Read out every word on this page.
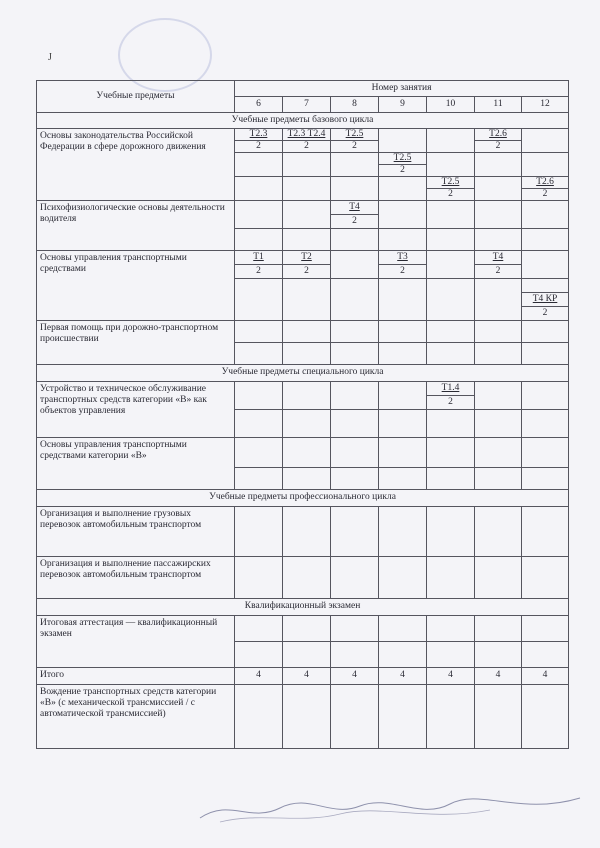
J
Учебные предметы	Номер занятия						
	6	7	8	9	10	11	12
Учебные предметы базового цикла							
Основы законодательства Российской Федерации в сфере дорожного движения	Т2.3	Т2.3 Т2.4	Т2.5			Т2.6	
	2	2	2			2	
				Т2.5			
				2			
					Т2.5		Т2.6
					2		2
Психофизиологические основы деятельности водителя			Т4				
			2				

Основы управления транспортными средствами	Т1	Т2		Т3		Т4	
	2	2		2		2	

							Т4 КР
							2
Первая помощь при дорожно-транспортном происшествии							

Учебные предметы специального цикла							
Устройство и техническое обслуживание транспортных средств категории «В» как объектов управления					Т1.4		
					2		

Основы управления транспортными средствами категории «В»							

Учебные предметы профессионального цикла							
Организация и выполнение грузовых перевозок автомобильным транспортом							
Организация и выполнение пассажирских перевозок автомобильным транспортом							
Квалификационный экзамен							
Итоговая аттестация — квалификационный экзамен							

Итого	4	4	4	4	4	4	4
Вождение транспортных средств категории «В» (с механической трансмиссией / с автоматической трансмиссией)							
